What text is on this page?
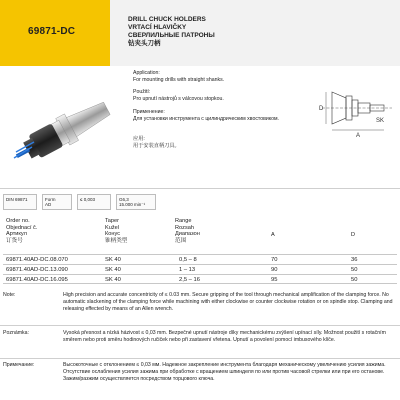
69871-DC
DRILL CHUCK HOLDERS
VRTACÍ HLAVIČKY
СВЕРЛИЛЬНЫЕ ПАТРОНЫ
钻夹头刀柄
Application:
For mounting drills with straight shanks.
Použití:
Pro upnutí nástrojů s válcovou stopkou.
Применение:
Для установки инструмента с цилиндрическим хвостовиком.
应用:
用于安装直柄刀具。
A
D
SK
DIN 69871	Form
AD
≤ 0,003	G6,3
15.000 min⁻¹
Order no.
Objednací č.
Артикул
订货号
Taper
Kužel
Конус
锥柄类型
Range
Rozsah
Диапазон
范围
A	D
69871.40AD-DC.08.070	SK 40	0,5 – 8	70	36
69871.40AD-DC.13.090	SK 40	1 – 13	90	50
69871.40AD-DC.16.095	SK 40	2,5 – 16	95	50
Note:	High precision and accurate concentricity of ≤ 0.03 mm. Secure gripping of the tool through mechanical amplification of the clamping force. No automatic slackening of the clamping force while machining with either clockwise or counter clockwise rotation or on spindle stop. Clamping and releasing effected by means of an Allen wrench.
Poznámka:	Vysoká přesnost a nízká házivost ≤ 0,03 mm. Bezpečné upnutí nástroje díky mechanickému zvýšení upínací síly. Možnost použití s rotačním směrem nebo proti směru hodinových ručiček nebo při zastavení vřetena. Upnutí a povolení pomocí imbusového klíče.
Примечание:	Высокоточные с отклонением ≤ 0,03 мм. Надежное закрепление инструмента благодаря механическому увеличению усилия зажима. Отсутствие ослабления усилия зажима при обработке с вращением шпинделя по или против часовой стрелки или при его останове. Зажим/разжим осуществляется посредством торцового ключа.
